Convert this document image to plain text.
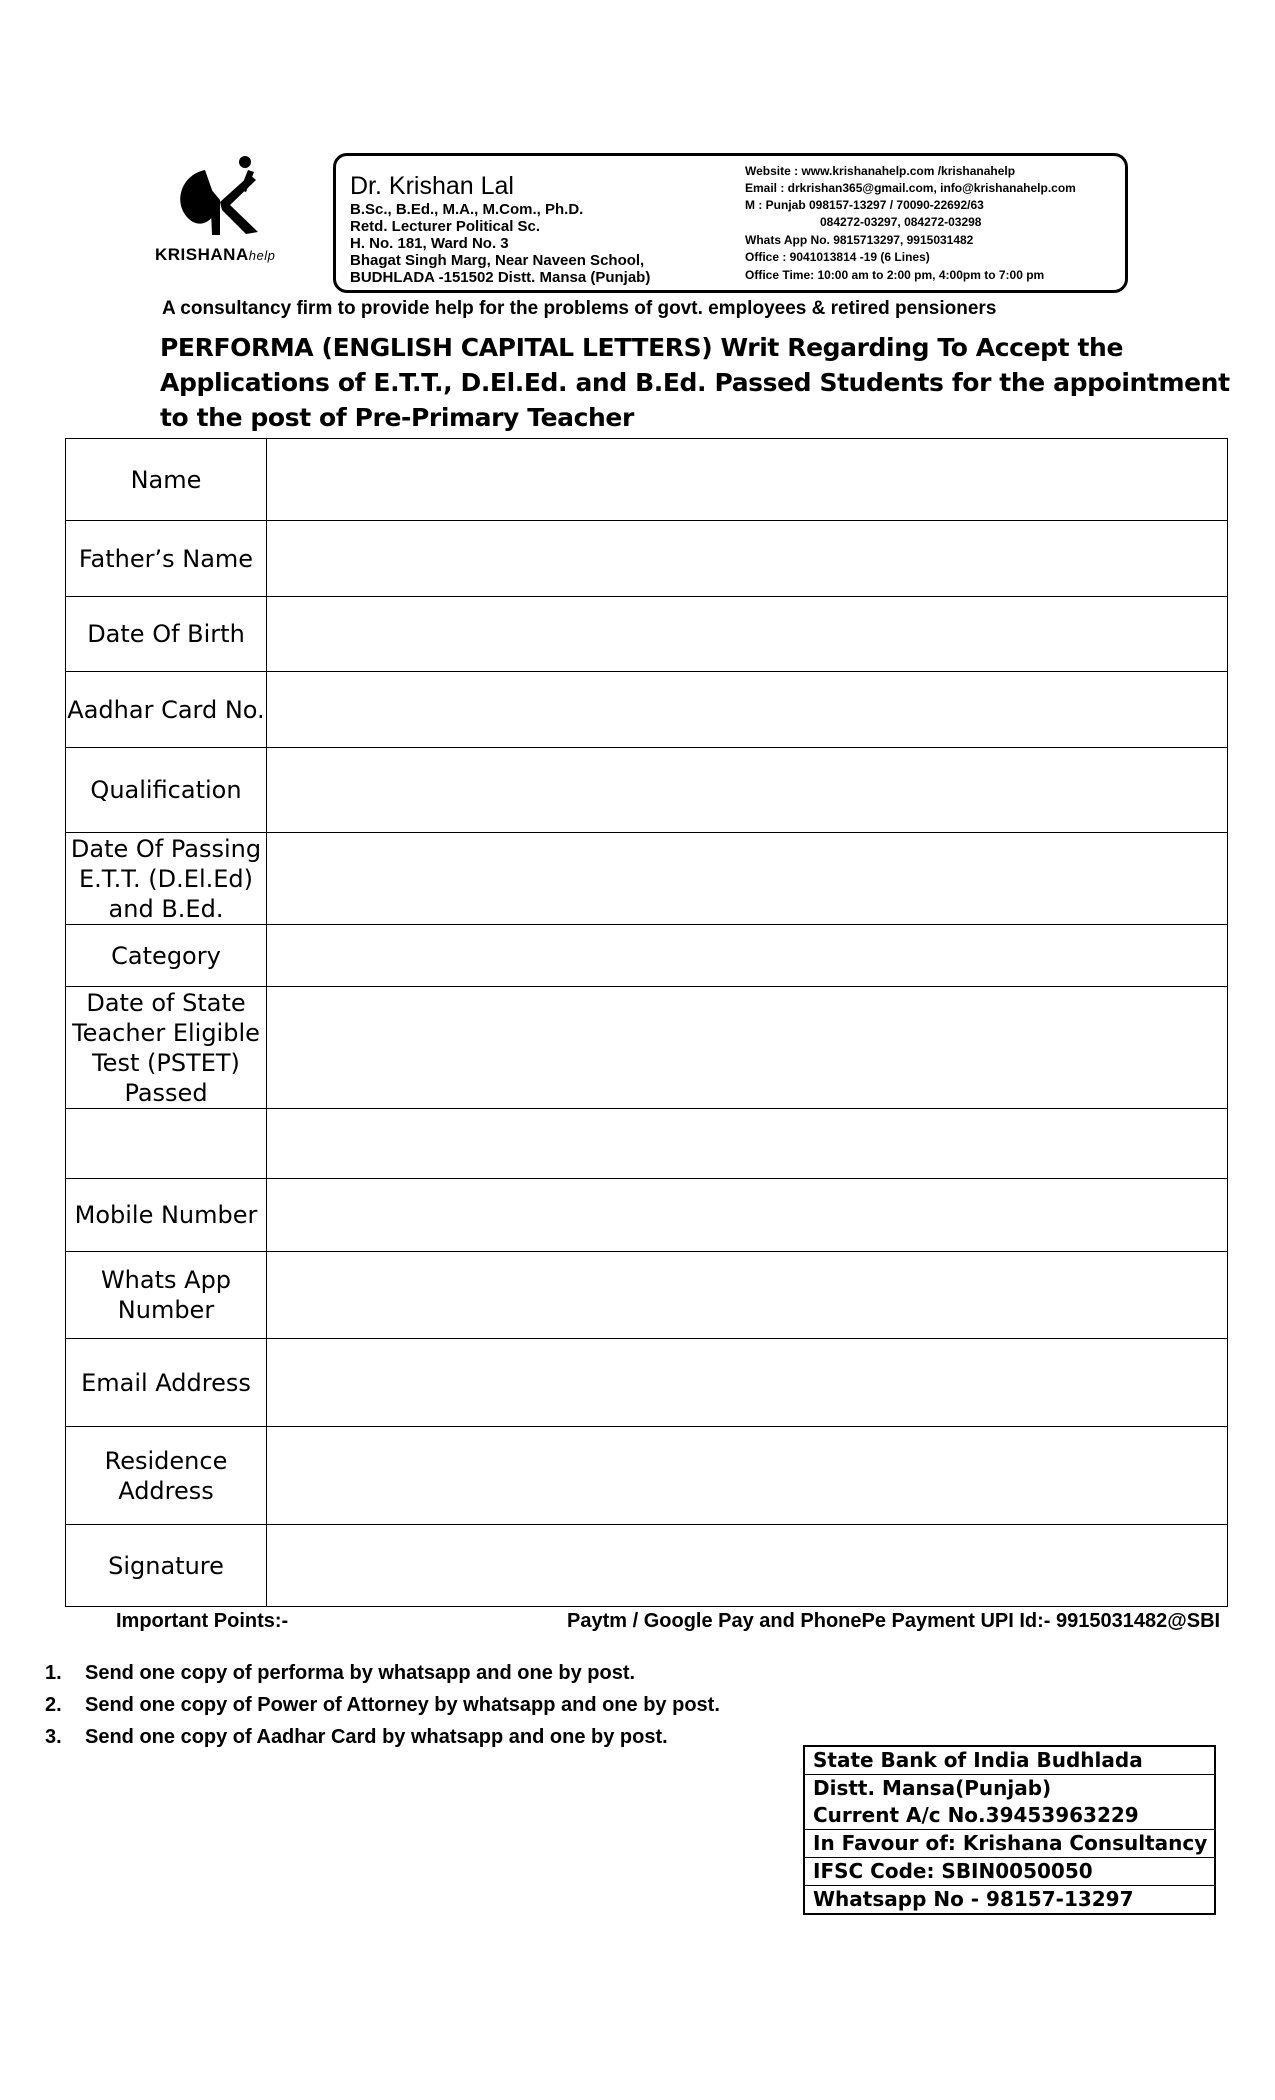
KRISHANAhelp
Dr. Krishan Lal
B.Sc., B.Ed., M.A., M.Com., Ph.D.
Retd. Lecturer Political Sc.
H. No. 181, Ward No. 3
Bhagat Singh Marg, Near Naveen School,
BUDHLADA -151502 Distt. Mansa (Punjab)
Website : www.krishanahelp.com /krishanahelp
Email : drkrishan365@gmail.com, info@krishanahelp.com
M : Punjab 098157-13297 / 70090-22692/63
084272-03297, 084272-03298
Whats App No. 9815713297, 9915031482
Office : 9041013814 -19 (6 Lines)
Office Time: 10:00 am to 2:00 pm, 4:00pm to 7:00 pm
A consultancy firm to provide help for the problems of govt. employees & retired pensioners
PERFORMA (ENGLISH CAPITAL LETTERS) Writ Regarding To Accept the Applications of E.T.T., D.El.Ed. and B.Ed. Passed Students for the appointment to the post of Pre-Primary Teacher
Name	
Father’s Name	
Date Of Birth	
Aadhar Card No.	
Qualification	
Date Of Passing E.T.T. (D.El.Ed) and B.Ed.	
Category	
Date of State Teacher Eligible Test (PSTET) Passed	

Mobile Number	
Whats App Number	
Email Address	
Residence Address	
Signature	
Important Points:-	Paytm / Google Pay and PhonePe Payment UPI Id:- 9915031482@SBI
1. Send one copy of performa by whatsapp and one by post.
2. Send one copy of Power of Attorney by whatsapp and one by post.
3. Send one copy of Aadhar Card by whatsapp and one by post.
State Bank of India Budhlada
Distt. Mansa(Punjab)
Current A/c No.39453963229
In Favour of: Krishana Consultancy
IFSC Code: SBIN0050050
Whatsapp No - 98157-13297
